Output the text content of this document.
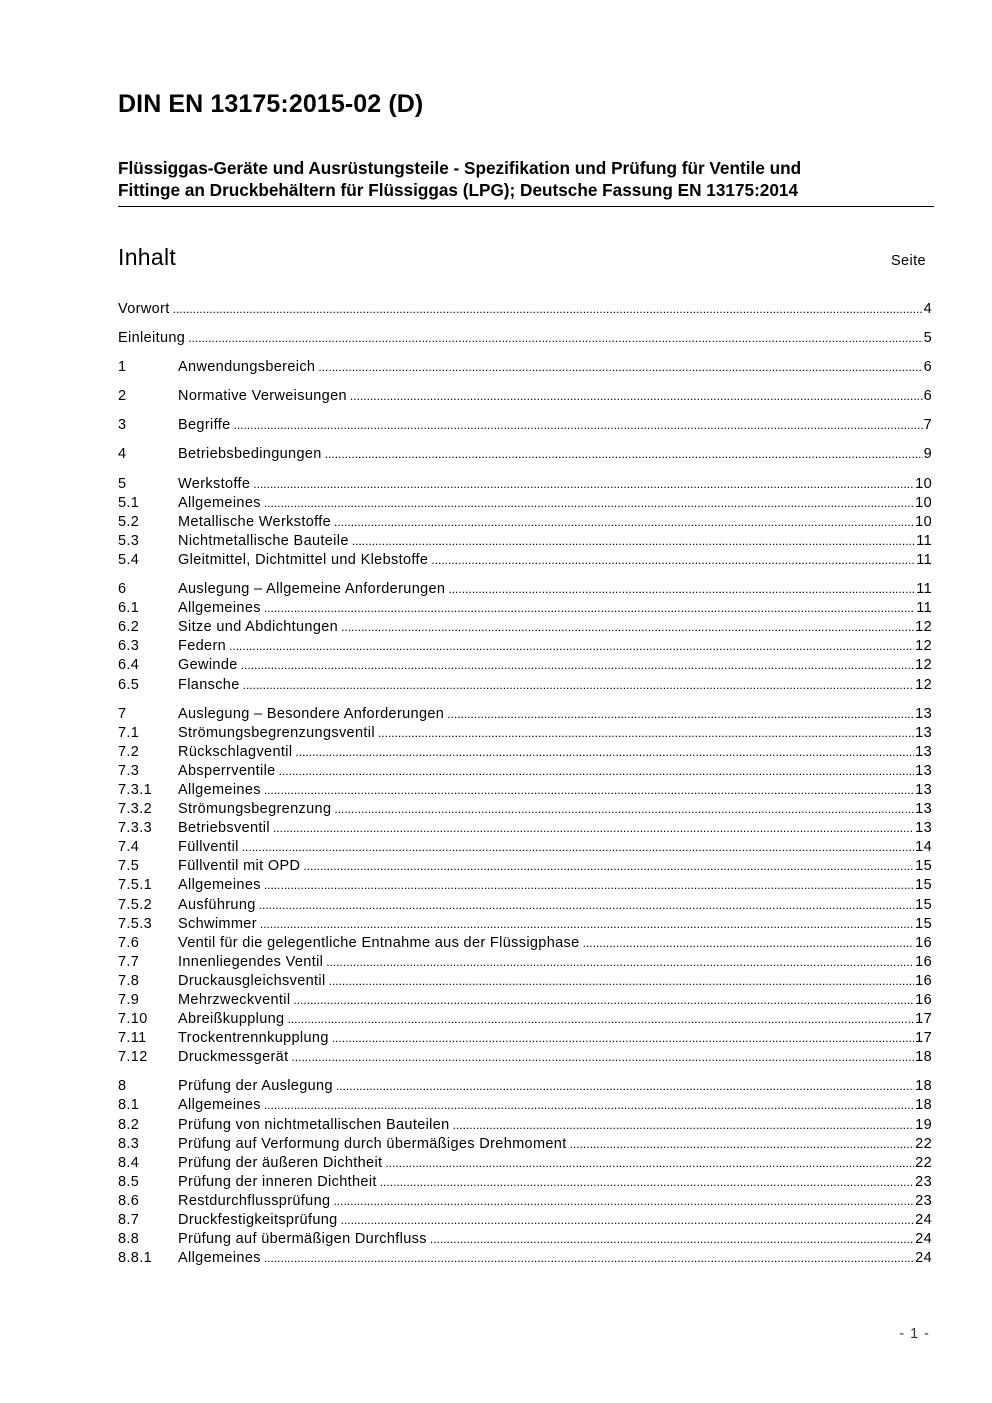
DIN EN 13175:2015-02 (D)
Flüssiggas-Geräte und Ausrüstungsteile - Spezifikation und Prüfung für Ventile und
Fittinge an Druckbehältern für Flüssiggas (LPG); Deutsche Fassung EN 13175:2014
Inhalt	Seite
Vorwort .....	4
Einleitung .....	5
1	Anwendungsbereich .....	6
2	Normative Verweisungen .....	6
3	Begriffe .....	7
4	Betriebsbedingungen .....	9
5	Werkstoffe .....	10
5.1	Allgemeines .....	10
5.2	Metallische Werkstoffe .....	10
5.3	Nichtmetallische Bauteile .....	11
5.4	Gleitmittel, Dichtmittel und Klebstoffe .....	11
6	Auslegung – Allgemeine Anforderungen .....	11
6.1	Allgemeines .....	11
6.2	Sitze und Abdichtungen .....	12
6.3	Federn .....	12
6.4	Gewinde .....	12
6.5	Flansche .....	12
7	Auslegung – Besondere Anforderungen .....	13
7.1	Strömungsbegrenzungsventil .....	13
7.2	Rückschlagventil .....	13
7.3	Absperrventile .....	13
7.3.1	Allgemeines .....	13
7.3.2	Strömungsbegrenzung .....	13
7.3.3	Betriebsventil .....	13
7.4	Füllventil .....	14
7.5	Füllventil mit OPD .....	15
7.5.1	Allgemeines .....	15
7.5.2	Ausführung .....	15
7.5.3	Schwimmer .....	15
7.6	Ventil für die gelegentliche Entnahme aus der Flüssigphase .....	16
7.7	Innenliegendes Ventil .....	16
7.8	Druckausgleichsventil .....	16
7.9	Mehrzweckventil .....	16
7.10	Abreißkupplung .....	17
7.11	Trockentrennkupplung .....	17
7.12	Druckmessgerät .....	18
8	Prüfung der Auslegung .....	18
8.1	Allgemeines .....	18
8.2	Prüfung von nichtmetallischen Bauteilen .....	19
8.3	Prüfung auf Verformung durch übermäßiges Drehmoment .....	22
8.4	Prüfung der äußeren Dichtheit .....	22
8.5	Prüfung der inneren Dichtheit .....	23
8.6	Restdurchflussprüfung .....	23
8.7	Druckfestigkeitsprüfung .....	24
8.8	Prüfung auf übermäßigen Durchfluss .....	24
8.8.1	Allgemeines .....	24
- 1 -
